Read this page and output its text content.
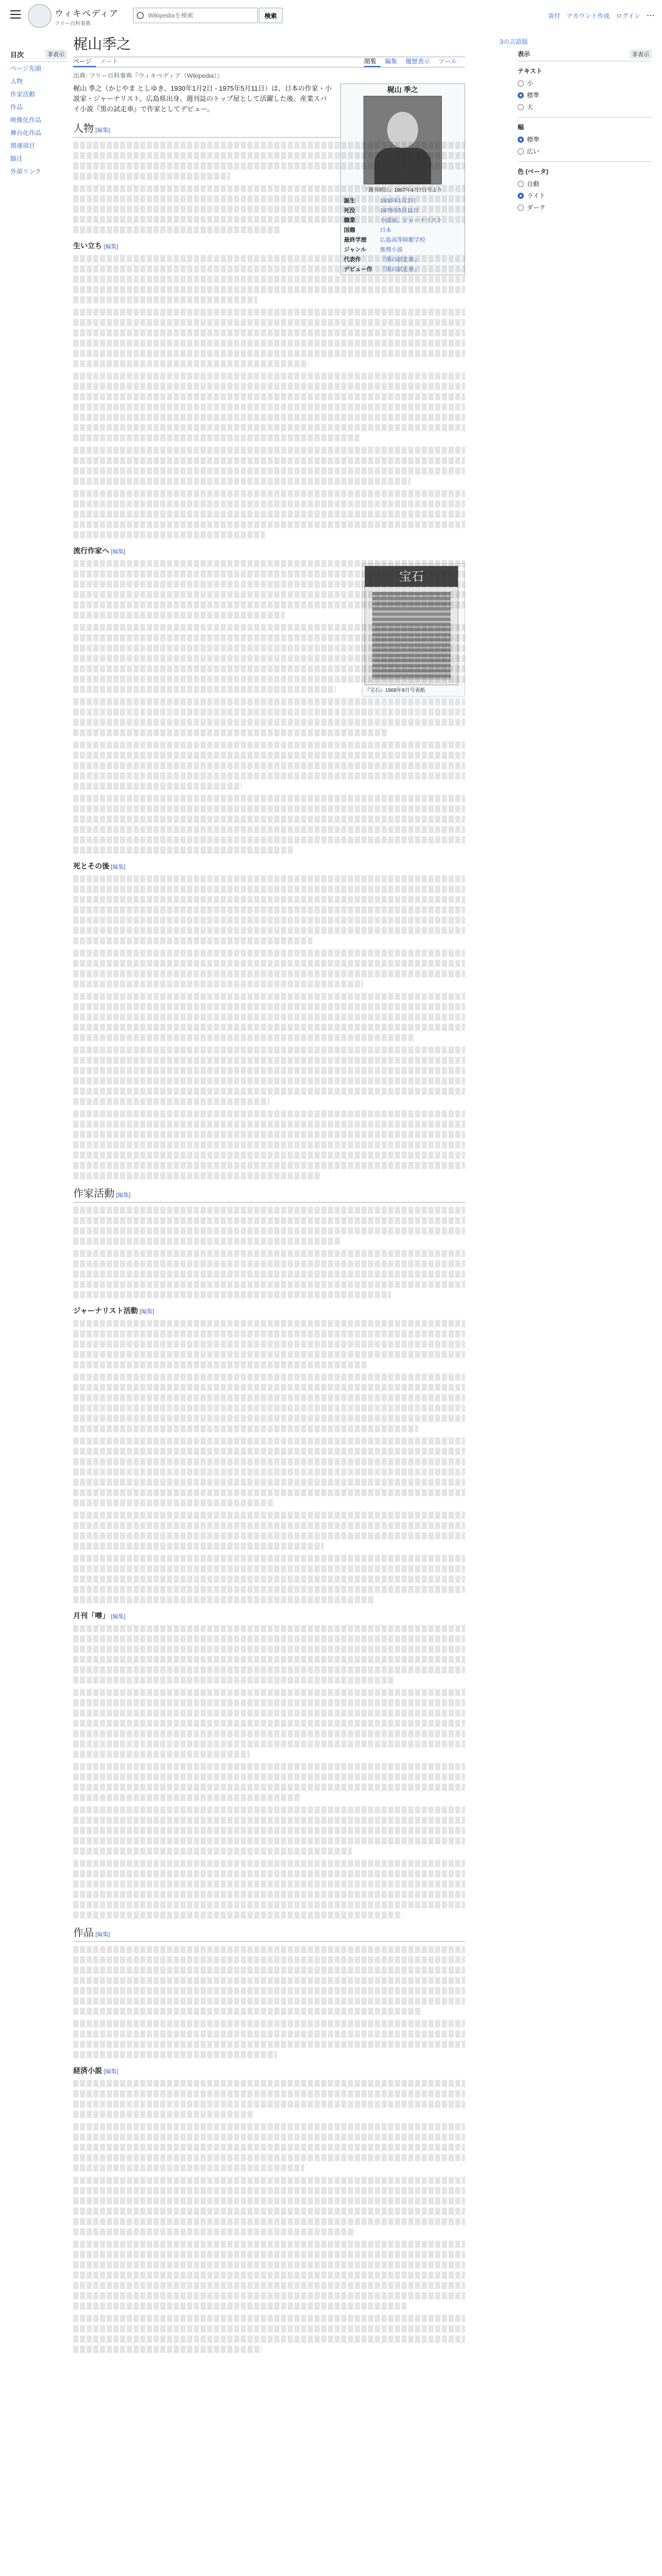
ウィキペディア
フリー百科事典
Wikipediaを検索
検索	寄付 アカウント作成 ログイン ⋯
目次	非表示
ページ先頭
人物
作家活動
作品
映像化作品
舞台化作品
関連項目
脚注
外部リンク
梶山季之	3の言語版
ページ	ノート	閲覧	編集	履歴表示	ツール
出典: フリー百科事典『ウィキペディア（Wikipedia）』
梶山 季之
『週刊朝日』1967年4月7日号より
誕生	1930年1月2日
死没	1975年5月11日
職業	小説家、ジャーナリスト
国籍	日本
最終学歴	広島高等師範学校
ジャンル	推理小説
代表作	『黒の試走車』
デビュー作	『黒の試走車』

梶山 季之（かじやま としゆき、1930年1月2日 - 1975年5月11日）は、日本の作家・小説家・ジャーナリスト。広島県出身。週刊誌のトップ屋として活躍した後、産業スパイ小説『黒の試走車』で作家としてデビュー。

人物 [編集]
生い立ち [編集]
流行作家へ [編集]
宝石
『宝石』1968年9月号表紙
死とその後 [編集]
作家活動 [編集]
ジャーナリスト活動 [編集]
月刊「噂」 [編集]
作品 [編集]
経済小説 [編集]
表示	非表示
テキスト
小
標準
大
幅
標準
広い
色 (ベータ)
自動
ライト
ダーク
